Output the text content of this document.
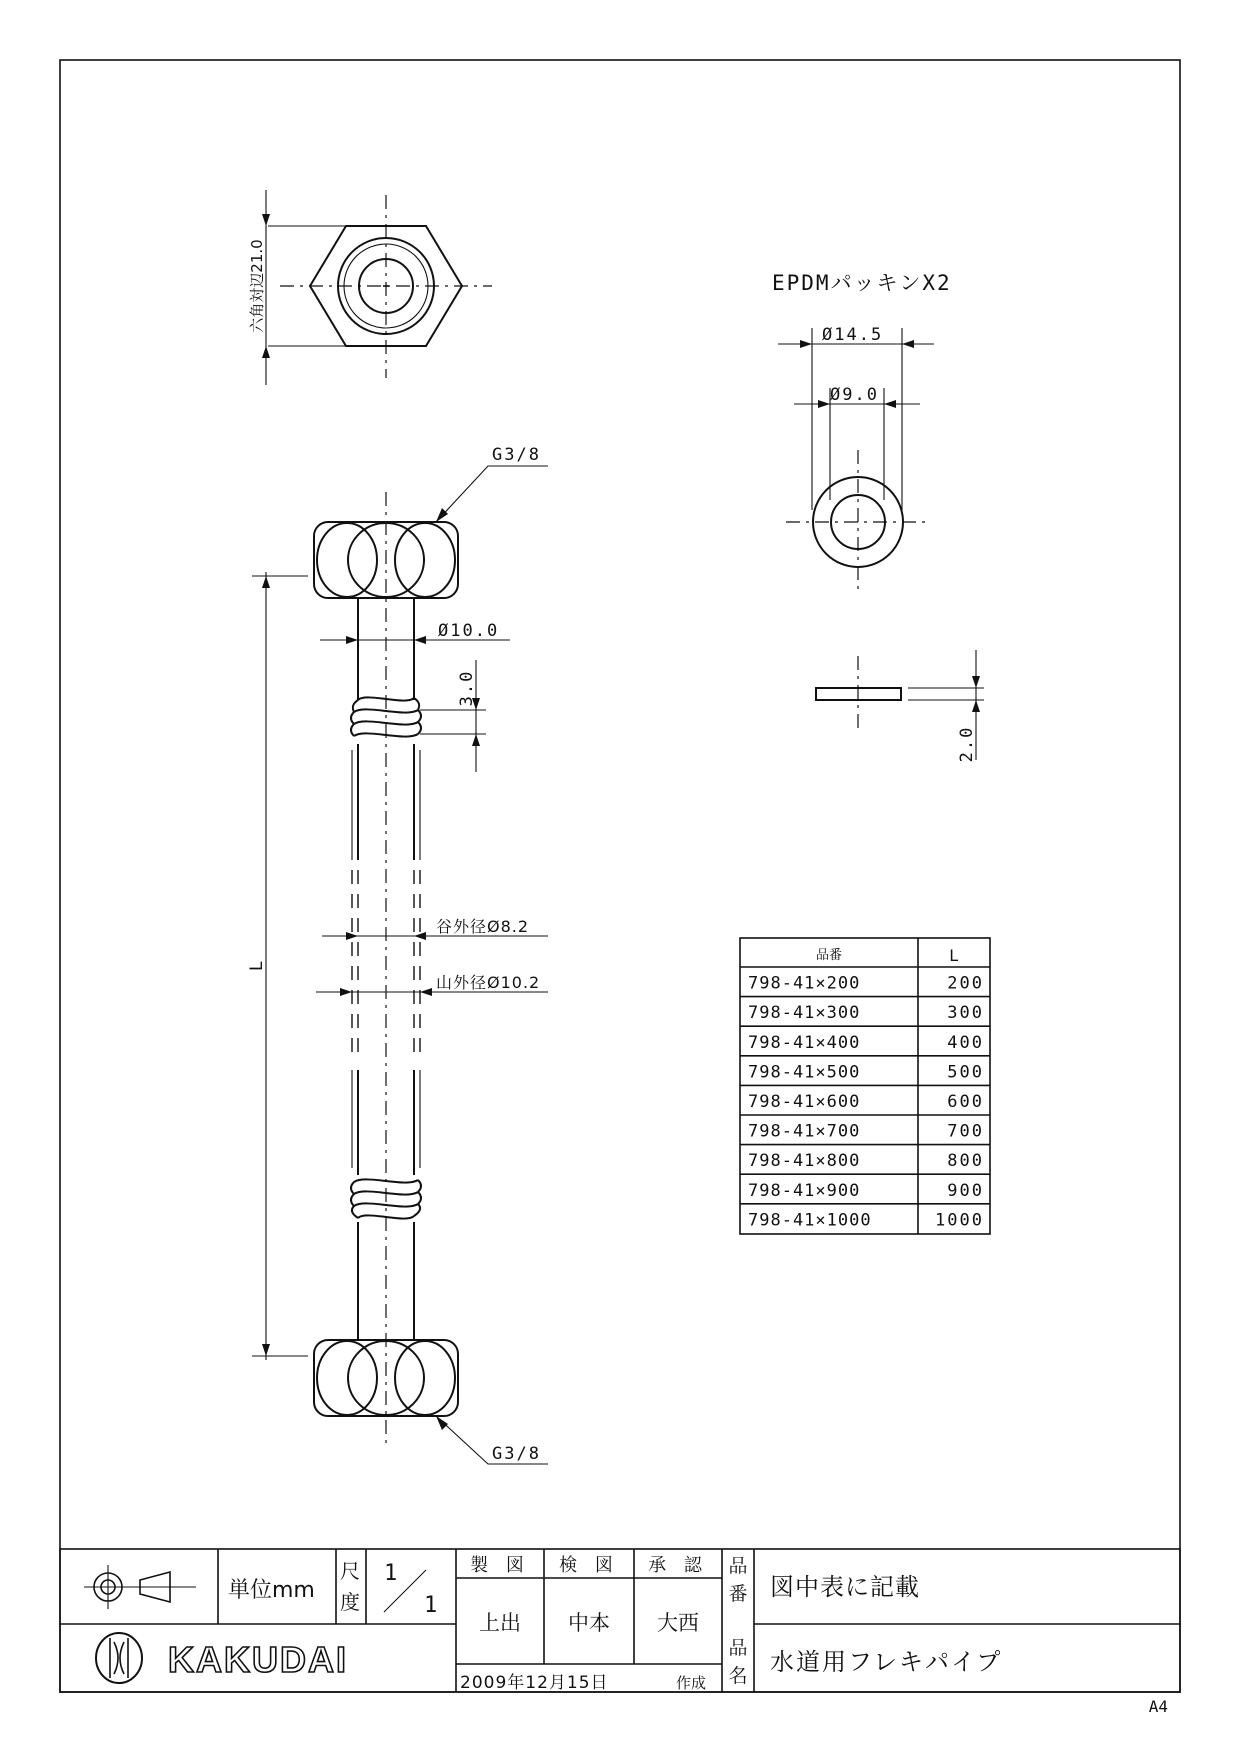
六角対辺21.0	EPDMパッキンX2
Ø14.5
Ø9.0
2.0
G3/8
G3/8
Ø10.0
3.0
谷外径Ø8.2
山外径Ø10.2
L
品番	L
798-41×200	200
798-41×300	300
798-41×400	400
798-41×500	500
798-41×600	600
798-41×700	700
798-41×800	800
798-41×900	900
798-41×1000	1000
単位mm
尺
度
1
1
製 図 検 図 承 認
上出 中本 大西
品
番
品
名
図中表に記載
水道用フレキパイプ
2009年12月15日	作成
KAKUDAI
A4
